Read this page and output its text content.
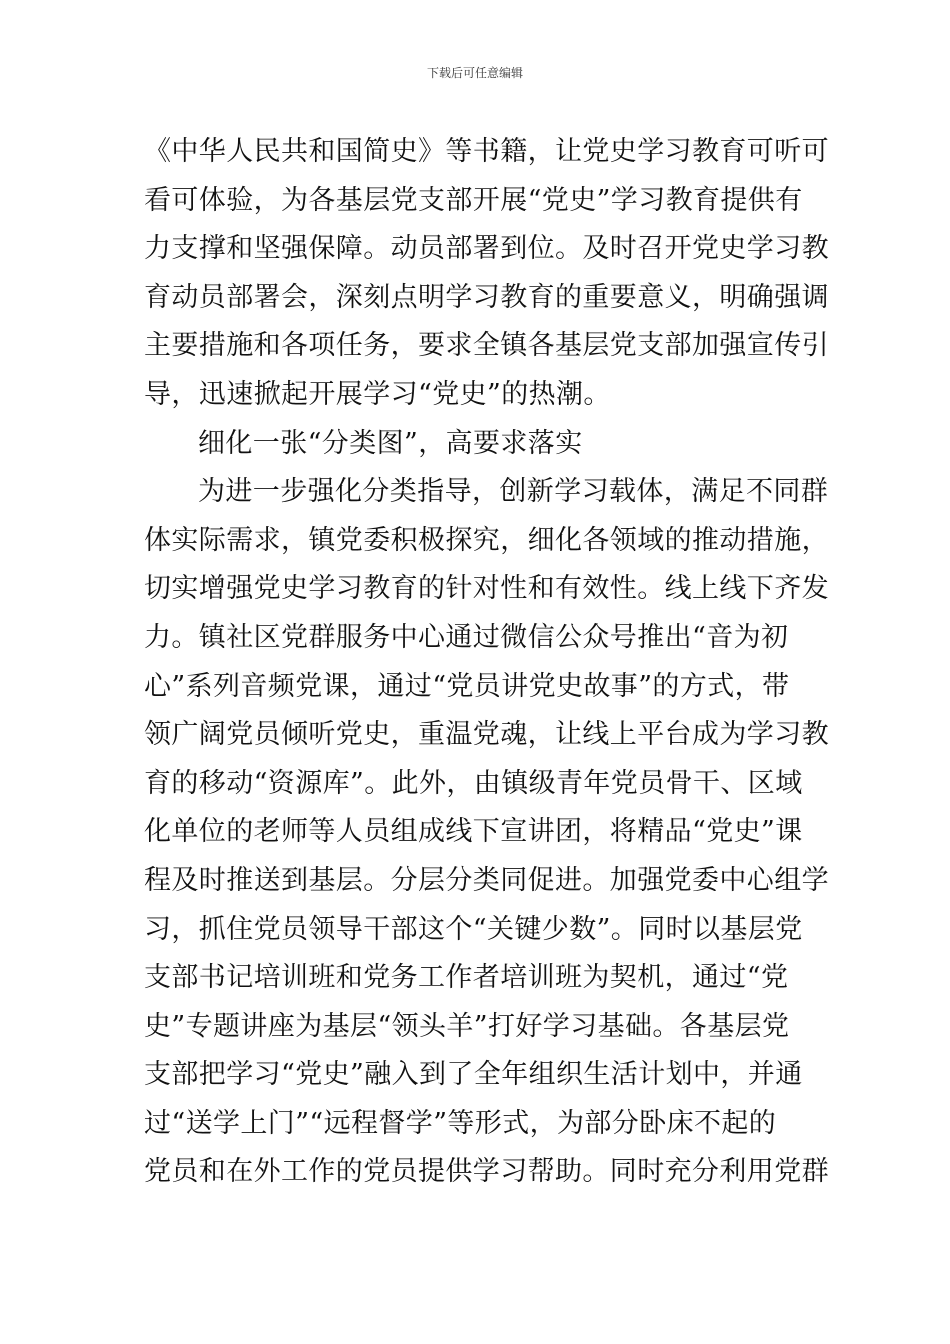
下载后可任意编辑
《中华人民共和国简史》等书籍，让党史学习教育可听可
看可体验，为各基层党支部开展“党史”学习教育提供有
力支撑和坚强保障。动员部署到位。及时召开党史学习教
育动员部署会，深刻点明学习教育的重要意义，明确强调
主要措施和各项任务，要求全镇各基层党支部加强宣传引
导，迅速掀起开展学习“党史”的热潮。
细化一张“分类图”，高要求落实
为进一步强化分类指导，创新学习载体，满足不同群
体实际需求，镇党委积极探究，细化各领域的推动措施，
切实增强党史学习教育的针对性和有效性。线上线下齐发
力。镇社区党群服务中心通过微信公众号推出“音为初
心”系列音频党课，通过“党员讲党史故事”的方式，带
领广阔党员倾听党史，重温党魂，让线上平台成为学习教
育的移动“资源库”。此外，由镇级青年党员骨干、区域
化单位的老师等人员组成线下宣讲团，将精品“党史”课
程及时推送到基层。分层分类同促进。加强党委中心组学
习，抓住党员领导干部这个“关键少数”。同时以基层党
支部书记培训班和党务工作者培训班为契机，通过“党
史”专题讲座为基层“领头羊”打好学习基础。各基层党
支部把学习“党史”融入到了全年组织生活计划中，并通
过“送学上门”“远程督学”等形式，为部分卧床不起的
党员和在外工作的党员提供学习帮助。同时充分利用党群
